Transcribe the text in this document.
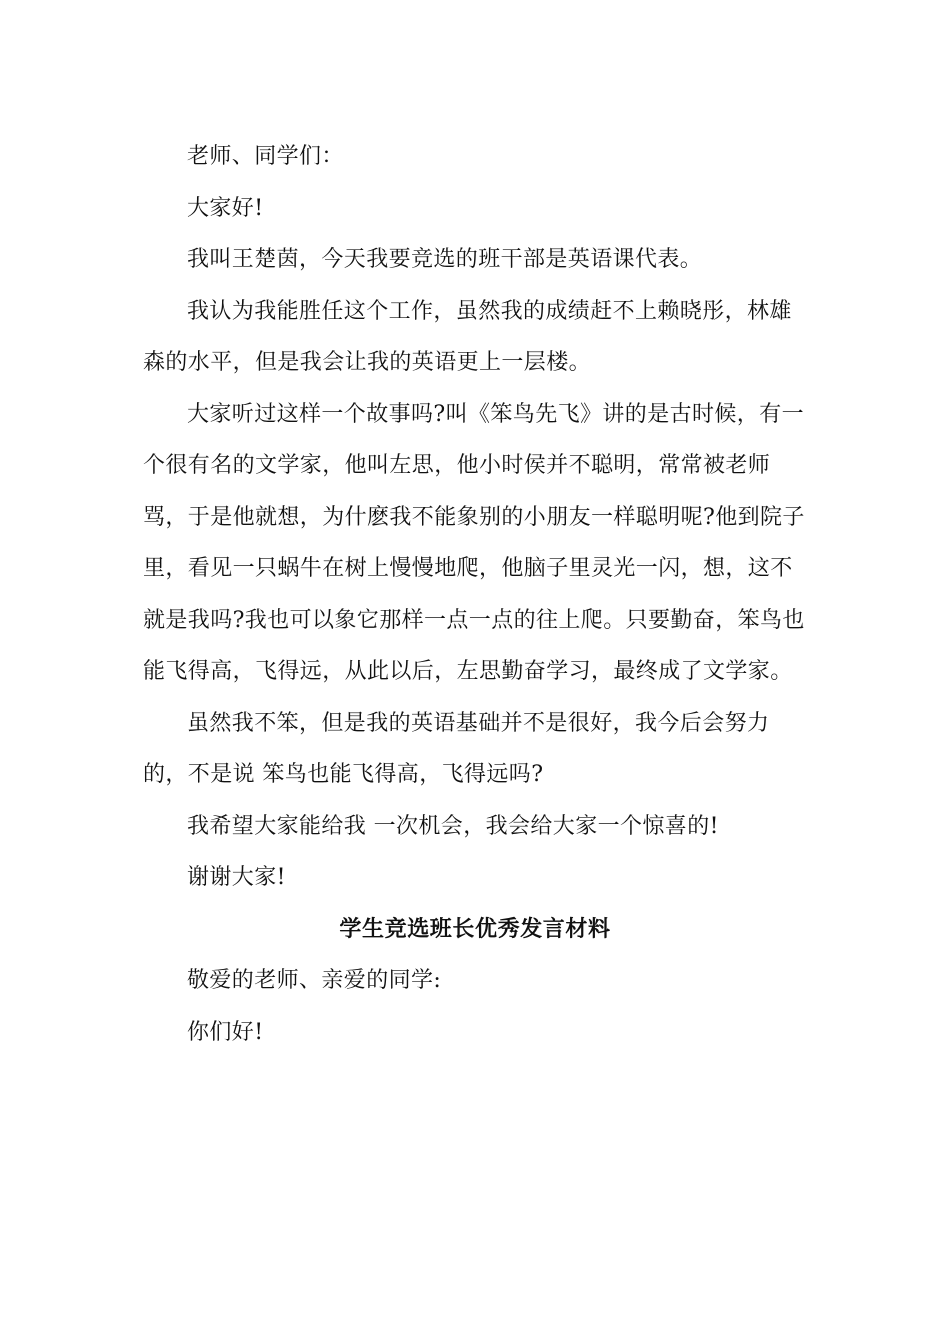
老师、同学们：

大家好!

我叫王楚茵，今天我要竞选的班干部是英语课代表。

我认为我能胜任这个工作，虽然我的成绩赶不上赖晓彤，林雄森的水平，但是我会让我的英语更上一层楼。

大家听过这样一个故事吗?叫《笨鸟先飞》讲的是古时候，有一个很有名的文学家，他叫左思，他小时侯并不聪明，常常被老师骂，于是他就想，为什麽我不能象别的小朋友一样聪明呢?他到院子里，看见一只蜗牛在树上慢慢地爬，他脑子里灵光一闪，想，这不就是我吗?我也可以象它那样一点一点的往上爬。只要勤奋，笨鸟也能飞得高，飞得远，从此以后，左思勤奋学习，最终成了文学家。

虽然我不笨，但是我的英语基础并不是很好，我今后会努力的，不是说 笨鸟也能飞得高，飞得远吗?

我希望大家能给我 一次机会，我会给大家一个惊喜的!

谢谢大家!

学生竞选班长优秀发言材料

敬爱的老师、亲爱的同学:

你们好!
